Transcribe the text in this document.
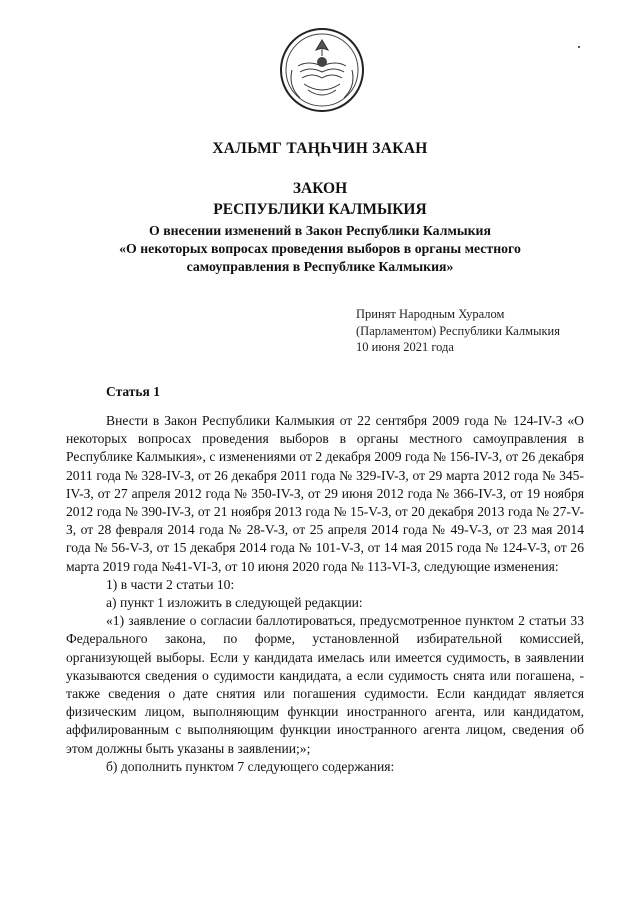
ХАЛЬМГ ТАҢҺЧИН ЗАКАН
ЗАКОН
РЕСПУБЛИКИ КАЛМЫКИЯ
О внесении изменений в Закон Республики Калмыкия
«О некоторых вопросах проведения выборов в органы местного
самоуправления в Республике Калмыкия»
Принят Народным Хуралом
(Парламентом) Республики Калмыкия
10 июня 2021 года
Статья 1

Внести в Закон Республики Калмыкия от 22 сентября 2009 года № 124-IV-З «О некоторых вопросах проведения выборов в органы местного самоуправления в Республике Калмыкия», с изменениями от 2 декабря 2009 года № 156-IV-З, от 26 декабря 2011 года № 328-IV-З, от 26 декабря 2011 года № 329-IV-З, от 29 марта 2012 года № 345-IV-З, от 27 апреля 2012 года № 350-IV-З, от 29 июня 2012 года № 366-IV-З, от 19 ноября 2012 года № 390-IV-З, от 21 ноября 2013 года № 15-V-З, от 20 декабря 2013 года № 27-V-З, от 28 февраля 2014 года № 28-V-З, от 25 апреля 2014 года № 49-V-З, от 23 мая 2014 года № 56-V-З, от 15 декабря 2014 года № 101-V-З, от 14 мая 2015 года № 124-V-З, от 26 марта 2019 года №41-VI-З, от 10 июня 2020 года № 113-VI-З, следующие изменения:

1) в части 2 статьи 10:

а) пункт 1 изложить в следующей редакции:

«1) заявление о согласии баллотироваться, предусмотренное пунктом 2 статьи 33 Федерального закона, по форме, установленной избирательной комиссией, организующей выборы. Если у кандидата имелась или имеется судимость, в заявлении указываются сведения о судимости кандидата, а если судимость снята или погашена, - также сведения о дате снятия или погашения судимости. Если кандидат является физическим лицом, выполняющим функции иностранного агента, или кандидатом, аффилированным с выполняющим функции иностранного агента лицом, сведения об этом должны быть указаны в заявлении;»;

б) дополнить пунктом 7 следующего содержания:
